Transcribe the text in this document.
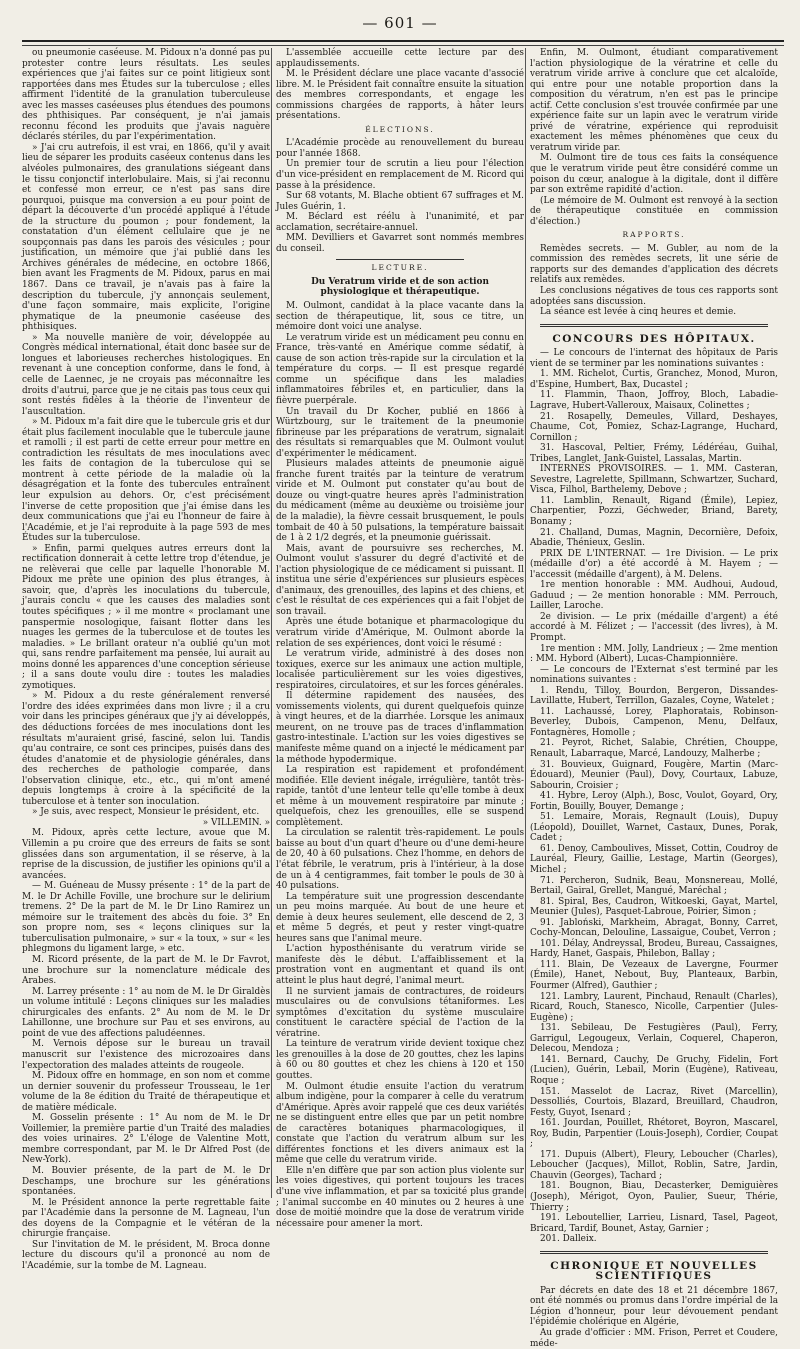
— 601 —

ou pneumonie caséeuse. M. Pidoux n'a donné pas pu protester contre leurs résultats. Les seules expériences que j'ai faites sur ce point litigieux sont rapportées dans mes Études sur la tuberculose ; elles affirment l'identité de la granulation tuberculeuse avec les masses caséeuses plus étendues des poumons des phthisiques. Par conséquent, je n'ai jamais reconnu fécond les produits que j'avais naguère déclarés stériles, du par l'expérimentation.

» J'ai cru autrefois, il est vrai, en 1866, qu'il y avait lieu de séparer les produits caséeux contenus dans les alvéoles pulmonaires, des granulations siégeant dans le tissu conjonctif interlobulaire. Mais, si j'ai reconnu et confessé mon erreur, ce n'est pas sans dire pourquoi, puisque ma conversion a eu pour point de départ la découverte d'un procédé appliqué à l'étude de la structure du poumon ; pour fondement, la constatation d'un élément cellulaire que je ne soupçonnais pas dans les parois des vésicules ; pour justification, un mémoire que j'ai publié dans les Archives générales de médecine, en octobre 1866, bien avant les Fragments de M. Pidoux, parus en mai 1867. Dans ce travail, je n'avais pas à faire la description du tubercule, j'y annonçais seulement, d'une façon sommaire, mais explicite, l'origine phymatique de la pneumonie caséeuse des phthisiques.

» Ma nouvelle manière de voir, développée au Congrès médical international, était donc basée sur de longues et laborieuses recherches histologiques. En revenant à une conception conforme, dans le fond, à celle de Laennec, je ne croyais pas méconnaître les droits d'autrui, parce que je ne citais pas tous ceux qui sont restés fidèles à la théorie de l'inventeur de l'auscultation.

» M. Pidoux m'a fait dire que le tubercule gris et dur était plus facilement inoculable que le tubercule jaune et ramolli ; il est parti de cette erreur pour mettre en contradiction les résultats de mes inoculations avec les faits de contagion de la tuberculose qui se montrent à cette période de la maladie où la désagrégation et la fonte des tubercules entraînent leur expulsion au dehors. Or, c'est précisément l'inverse de cette proposition que j'ai émise dans les deux communications que j'ai eu l'honneur de faire à l'Académie, et je l'ai reproduite à la page 593 de mes Études sur la tuberculose.

» Enfin, parmi quelques autres erreurs dont la rectification donnerait à cette lettre trop d'étendue, je ne relèverai que celle par laquelle l'honorable M. Pidoux me prête une opinion des plus étranges, à savoir, que, d'après les inoculations du tubercule, j'aurais conclu « que les causes des maladies sont toutes spécifiques ; » il me montre « proclamant une panspermie nosologique, faisant flotter dans les nuages les germes de la tuberculose et de toutes les maladies. » Le brillant orateur n'a oublié qu'un mot qui, sans rendre parfaitement ma pensée, lui aurait au moins donné les apparences d'une conception sérieuse ; il a sans doute voulu dire : toutes les maladies zymotiques.

» M. Pidoux a du reste généralement renversé l'ordre des idées exprimées dans mon livre ; il a cru voir dans les principes généraux que j'y ai développés, des déductions forcées de mes inoculations dont les résultats m'auraient grisé, fasciné, selon lui. Tandis qu'au contraire, ce sont ces principes, puisés dans des études d'anatomie et de physiologie générales, dans des recherches de pathologie comparée, dans l'observation clinique, etc., etc., qui m'ont amené depuis longtemps à croire à la spécificité de la tuberculose et à tenter son inoculation.

» Je suis, avec respect, Monsieur le président, etc.

» VILLEMIN. »

M. Pidoux, après cette lecture, avoue que M. Villemin a pu croire que des erreurs de faits se sont glissées dans son argumentation, il se réserve, à la reprise de la discussion, de justifier les opinions qu'il a avancées.

— M. Guéneau de Mussy présente : 1° de la part de M. le Dr Achille Foville, une brochure sur le delirium tremens. 2° De la part de M. le Dr Lino Ramirez un mémoire sur le traitement des abcès du foie. 3° En son propre nom, ses « leçons cliniques sur la tuberculisation pulmonaire, » sur « la toux, » sur « les phlegmons du ligament large, » etc.

M. Ricord présente, de la part de M. le Dr Favrot, une brochure sur la nomenclature médicale des Arabes.

M. Larrey présente : 1° au nom de M. le Dr Giraldès un volume intitulé : Leçons cliniques sur les maladies chirurgicales des enfants. 2° Au nom de M. le Dr Lahillonne, une brochure sur Pau et ses environs, au point de vue des affections paludéennes.

M. Vernois dépose sur le bureau un travail manuscrit sur l'existence des microzoaires dans l'expectoration des malades atteints de rougeole.

M. Pidoux offre en hommage, en son nom et comme un dernier souvenir du professeur Trousseau, le 1er volume de la 8e édition du Traité de thérapeutique et de matière médicale.

M. Gosselin présente : 1° Au nom de M. le Dr Voillemier, la première partie d'un Traité des maladies des voies urinaires. 2° L'éloge de Valentine Mott, membre correspondant, par M. le Dr Alfred Post (de New-York).

M. Bouvier présente, de la part de M. le Dr Deschamps, une brochure sur les générations spontanées.

M. le Président annonce la perte regrettable faite par l'Académie dans la personne de M. Lagneau, l'un des doyens de la Compagnie et le vétéran de la chirurgie française.

Sur l'invitation de M. le président, M. Broca donne lecture du discours qu'il a prononcé au nom de l'Académie, sur la tombe de M. Lagneau.

L'assemblée accueille cette lecture par des applaudissements.

M. le Président déclare une place vacante d'associé libre. M. le Président fait connaître ensuite la situation des membres correspondants, et engage les commissions chargées de rapports, à hâter leurs présentations.

ÉLECTIONS.

L'Académie procède au renouvellement du bureau pour l'année 1868.

Un premier tour de scrutin a lieu pour l'élection d'un vice-président en remplacement de M. Ricord qui passe à la présidence.

Sur 68 votants, M. Blache obtient 67 suffrages et M. Jules Guérin, 1.

M. Béclard est réélu à l'unanimité, et par acclamation, secrétaire-annuel.

MM. Devilliers et Gavarret sont nommés membres du conseil.

LECTURE.

Du Veratrum viride et de son action physiologique et thérapeutique.

M. Oulmont, candidat à la place vacante dans la section de thérapeutique, lit, sous ce titre, un mémoire dont voici une analyse.

Le veratrum viride est un médicament peu connu en France, très-vanté en Amérique comme sédatif, à cause de son action très-rapide sur la circulation et la température du corps. — Il est presque regardé comme un spécifique dans les maladies inflammatoires fébriles et, en particulier, dans la fièvre puerpérale.

Un travail du Dr Kocher, publié en 1866 à Würtzbourg, sur le traitement de la pneumonie fibrineuse par les préparations de veratrum, signalait des résultats si remarquables que M. Oulmont voulut d'expérimenter le médicament.

Plusieurs malades atteints de pneumonie aiguë franche furent traités par la teinture de veratrum viride et M. Oulmont put constater qu'au bout de douze ou vingt-quatre heures après l'administration du médicament (même au deuxième ou troisième jour de la maladie), la fièvre cessait brusquement, le pouls tombait de 40 à 50 pulsations, la température baissait de 1 à 2 1/2 degrés, et la pneumonie guérissait.

Mais, avant de poursuivre ses recherches, M. Oulmont voulut s'assurer du degré d'activité et de l'action physiologique de ce médicament si puissant. Il institua une série d'expériences sur plusieurs espèces d'animaux, des grenouilles, des lapins et des chiens, et c'est le résultat de ces expériences qui a fait l'objet de son travail.

Après une étude botanique et pharmacologique du veratrum viride d'Amérique, M. Oulmont aborde la relation de ses expériences, dont voici le résumé :

Le veratrum viride, administré à des doses non toxiques, exerce sur les animaux une action multiple, localisée particulièrement sur les voies digestives, respiratoires, circulatoires, et sur les forces générales.

Il détermine rapidement des nausées, des vomissements violents, qui durent quelquefois quinze à vingt heures, et de la diarrhée. Lorsque les animaux meurent, on ne trouve pas de traces d'inflammation gastro-intestinale. L'action sur les voies digestives se manifeste même quand on a injecté le médicament par la méthode hypodermique.

La respiration est rapidement et profondément modifiée. Elle devient inégale, irrégulière, tantôt très-rapide, tantôt d'une lenteur telle qu'elle tombe à deux et même à un mouvement respiratoire par minute ; quelquefois, chez les grenouilles, elle se suspend complètement.

La circulation se ralentit très-rapidement. Le pouls baisse au bout d'un quart d'heure ou d'une demi-heure de 20, 40 à 60 pulsations. Chez l'homme, en dehors de l'état fébrile, le veratrum, pris à l'intérieur, à la dose de un à 4 centigrammes, fait tomber le pouls de 30 à 40 pulsations.

La température suit une progression descendante un peu moins marquée. Au bout de une heure et demie à deux heures seulement, elle descend de 2, 3 et même 5 degrés, et peut y rester vingt-quatre heures sans que l'animal meure.

L'action hyposthénisante du veratrum viride se manifeste dès le début. L'affaiblissement et la prostration vont en augmentant et quand ils ont atteint le plus haut degré, l'animal meurt.

Il ne survient jamais de contractures, de roideurs musculaires ou de convulsions tétaniformes. Les symptômes d'excitation du système musculaire constituent le caractère spécial de l'action de la vératrine.

La teinture de veratrum viride devient toxique chez les grenouilles à la dose de 20 gouttes, chez les lapins à 60 ou 80 gouttes et chez les chiens à 120 et 150 gouttes.

M. Oulmont étudie ensuite l'action du veratrum album indigène, pour la comparer à celle du veratrum d'Amérique. Après avoir rappelé que ces deux variétés ne se distinguent entre elles que par un petit nombre de caractères botaniques pharmacologiques, il constate que l'action du veratrum album sur les différentes fonctions et les divers animaux est la même que celle du veratrum viride.

Elle n'en diffère que par son action plus violente sur les voies digestives, qui portent toujours les traces d'une vive inflammation, et par sa toxicité plus grande ; l'animal succombe en 40 minutes ou 2 heures à une dose de moitié moindre que la dose de veratrum viride nécessaire pour amener la mort.

Enfin, M. Oulmont, étudiant comparativement l'action physiologique de la vératrine et celle du veratrum viride arrive à conclure que cet alcaloïde, qui entre pour une notable proportion dans la composition du vératrum, n'en est pas le principe actif. Cette conclusion s'est trouvée confirmée par une expérience faite sur un lapin avec le veratrum viride privé de vératrine, expérience qui reproduisit exactement les mêmes phénomènes que ceux du veratrum viride par.

M. Oulmont tire de tous ces faits la conséquence que le veratrum viride peut être considéré comme un poison du cœur, analogue à la digitale, dont il diffère par son extrême rapidité d'action.

(Le mémoire de M. Oulmont est renvoyé à la section de thérapeutique constituée en commission d'élection.)

RAPPORTS.

Remèdes secrets. — M. Gubler, au nom de la commission des remèdes secrets, lit une série de rapports sur des demandes d'application des décrets relatifs aux remèdes.

Les conclusions négatives de tous ces rapports sont adoptées sans discussion.

La séance est levée à cinq heures et demie.

CONCOURS DES HÔPITAUX.

— Le concours de l'internat des hôpitaux de Paris vient de se terminer par les nominations suivantes :

1. MM. Richelot, Curtis, Granchez, Monod, Muron, d'Espine, Humbert, Bax, Ducastel ;

11. Flammin, Thaon, Joffroy, Bloch, Labadie-Lagrave, Hubert-Valleroux, Maisaux, Colinettes ;

21. Rosapelly, Demeules, Villard, Deshayes, Chaume, Cot, Pomiez, Schaz-Lagrange, Huchard, Cornillon ;

31. Hascoval, Peltier, Frémy, Lédéréau, Guihal, Tribes, Langlet, Jank-Guistel, Lassalas, Martin.

INTERNES PROVISOIRES. — 1. MM. Casteran, Sevestre, Lagrelette, Spillmann, Schwartzer, Suchard, Visca, Filhol, Barthelemy, Debove ;

11. Lamblin, Renault, Rigand (Émile), Lepiez, Charpentier, Pozzi, Géchweder, Briand, Barety, Bonamy ;

21. Challand, Dumas, Magnin, Decornière, Defoix, Abadie, Thénieux, Geslin.

PRIX DE L'INTERNAT. — 1re Division. — Le prix (médaille d'or) a été accordé à M. Hayem ; — l'accessit (médaille d'argent), à M. Delens.

1re mention honorable : MM. Audhoui, Audoud, Gaduud ; — 2e mention honorable : MM. Perrouch, Lailler, Laroche.

2e division. — Le prix (médaille d'argent) a été accordé à M. Félizet ; — l'accessit (des livres), à M. Prompt.

1re mention : MM. Jolly, Landrieux ; — 2me mention : MM. Hybord (Albert), Lucas-Championnière.

— Le concours de l'Externat s'est terminé par les nominations suivantes :

1. Rendu, Tilloy, Bourdon, Bergeron, Dissandes-Lavillatte, Hubert, Terrillon, Gazales, Coyne, Watelet ;

11. Lachaussé, Lorey, Plaphoratais, Robinson-Beverley, Dubois, Campenon, Menu, Delfaux, Fontagnères, Homolle ;

21. Peyrot, Richet, Salabie, Chrétien, Chouppe, Renault, Labarraque, Marcé, Landouzy, Malherbe ;

31. Bouvieux, Guignard, Fougère, Martin (Marc-Édouard), Meunier (Paul), Dovy, Courtaux, Labuze, Sabourin, Croisier ;

41. Hybre, Leroy (Alph.), Bosc, Voulot, Goyard, Ory, Fortin, Bouilly, Bouyer, Demange ;

51. Lemaire, Morais, Regnault (Louis), Dupuy (Léopold), Douillet, Warnet, Castaux, Dunes, Porak, Cadet ;

61. Denoy, Camboulives, Misset, Cottin, Coudroy de Lauréal, Fleury, Gaillie, Lestage, Martin (Georges), Michel ;

71. Percheron, Sudnik, Beau, Monsnereau, Mollé, Bertail, Gairal, Grellet, Mangué, Maréchal ;

81. Spiral, Bes, Caudron, Witkoeski, Gayat, Martel, Meunier (Jules), Pasquet-Labroue, Poirier, Simon ;

91. Jabloński, Markheim, Abragat, Bonny, Carret, Cochy-Moncan, Delouline, Lassaigue, Coubet, Verron ;

101. Délay, Andreyssal, Brodeu, Bureau, Cassaignes, Hardy, Hanet, Gaspais, Philebon, Ballay ;

111. Blain, De Vezeaux de Lavergne, Fourmer (Émile), Hanet, Nebout, Buy, Planteaux, Barbin, Fourmer (Alfred), Gauthier ;

121. Lambry, Laurent, Pinchaud, Renault (Charles), Ricard, Rouch, Stanesco, Nicolle, Carpentier (Jules-Eugène) ;

131. Sebileau, De Festugières (Paul), Ferry, Garrigul, Legougeux, Verlain, Coquerel, Chaperon, Delecou, Mendoza ;

141. Bernard, Cauchy, De Gruchy, Fidelin, Fort (Lucien), Guérin, Lebail, Morin (Eugène), Rativeau, Roque ;

151. Masselot de Lacraz, Rivet (Marcellin), Dessolliés, Courtois, Blazard, Breuillard, Chaudron, Festy, Guyot, Isenard ;

161. Jourdan, Pouillet, Rhétoret, Boyron, Mascarel, Roy, Budin, Parpentier (Louis-Joseph), Cordier, Coupat ;

171. Dupuis (Albert), Fleury, Leboucher (Charles), Leboucher (Jacques), Millot, Roblin, Satre, Jardin, Chauvin (Georges), Tachard ;

181. Bougnon, Biau, Decasterker, Demiguières (Joseph), Mérigot, Oyon, Paulier, Sueur, Thérie, Thierry ;

191. Leboutellier, Larrieu, Lisnard, Tasel, Pageot, Bricard, Tardif, Bounet, Astay, Garnier ;

201. Dalleix.

CHRONIQUE ET NOUVELLES SCIENTIFIQUES

Par décrets en date des 18 et 21 décembre 1867, ont été nommés ou promus dans l'ordre impérial de la Légion d'honneur, pour leur dévouement pendant l'épidémie cholérique en Algérie,

Au grade d'officier : MM. Frison, Perret et Coudere, méde-
